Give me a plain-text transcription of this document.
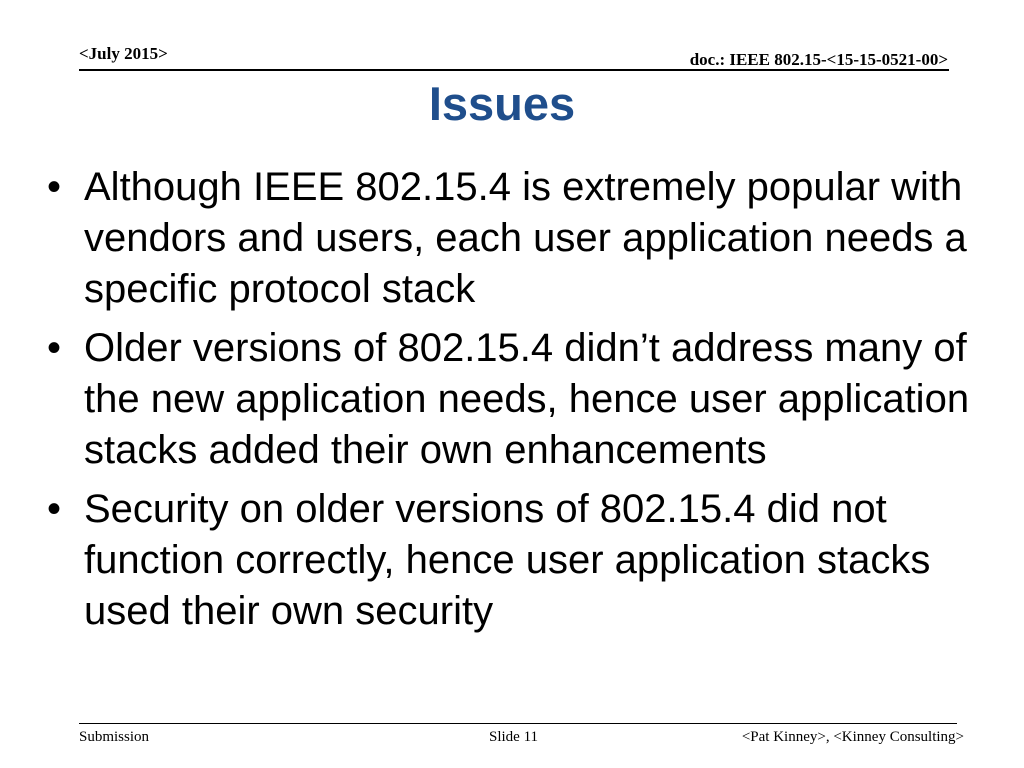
<July 2015>	doc.: IEEE 802.15-<15-15-0521-00>
Issues
• Although IEEE 802.15.4 is extremely popular with vendors and users, each user application needs a specific protocol stack
• Older versions of 802.15.4 didn’t address many of the new application needs, hence user application stacks added their own enhancements
• Security on older versions of 802.15.4 did not function correctly, hence user application stacks used their own security
Submission	Slide 11	<Pat Kinney>, <Kinney Consulting>
